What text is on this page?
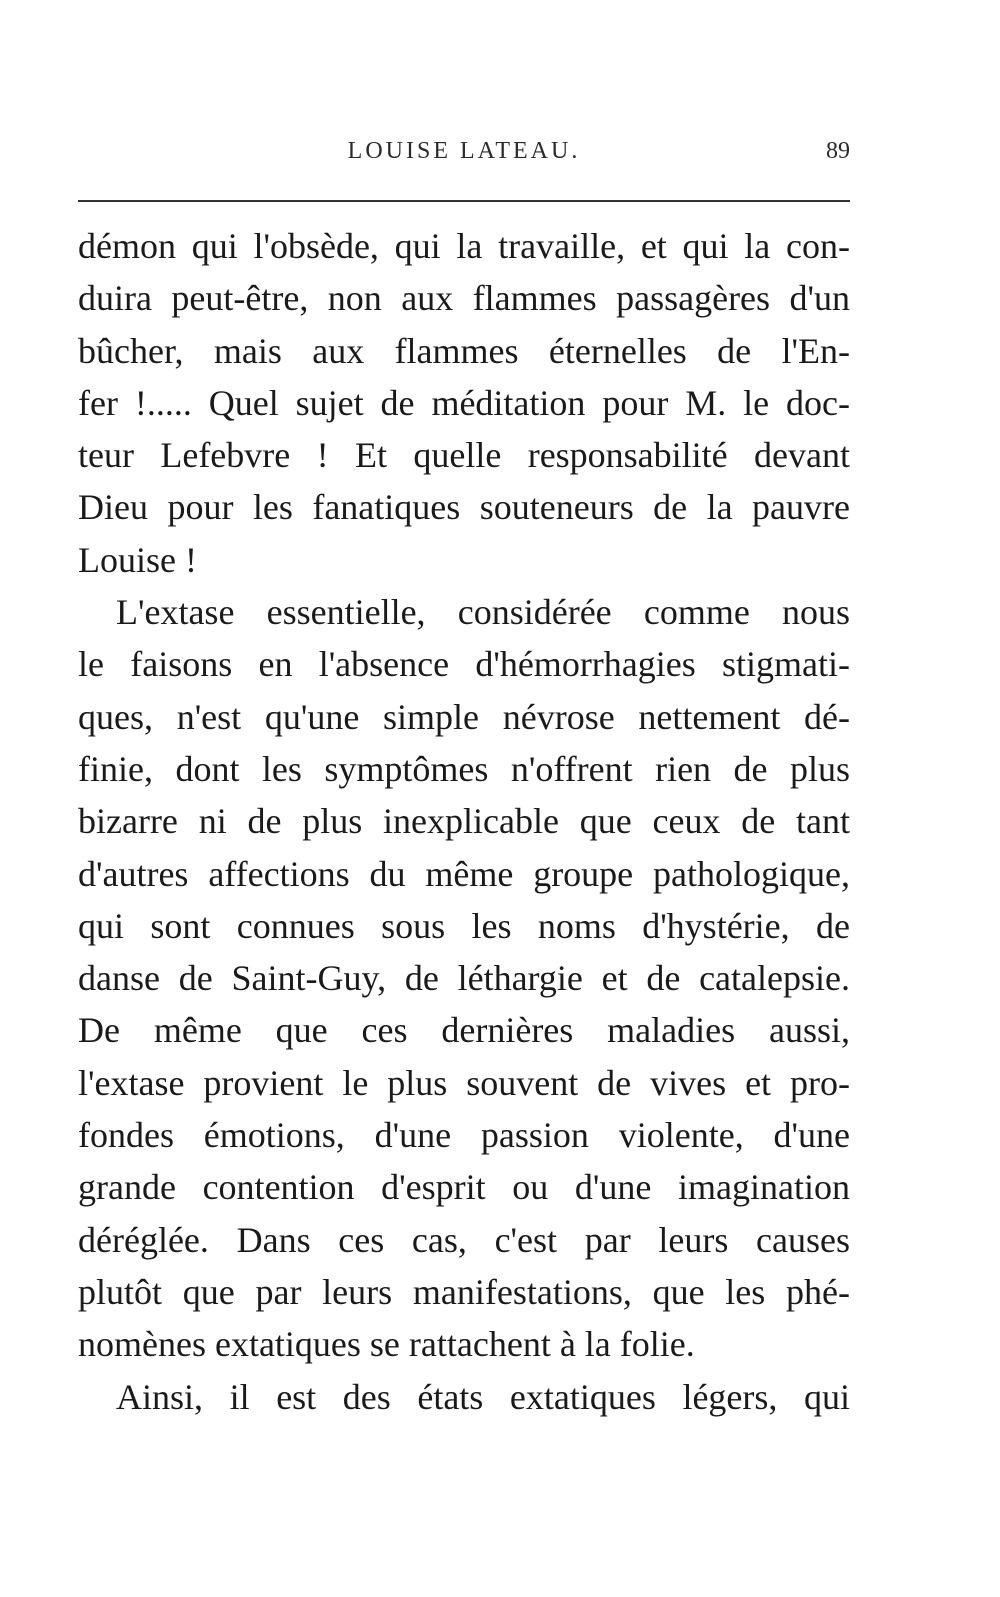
LOUISE LATEAU.	89
démon qui l'obsède, qui la travaille, et qui la con-
duira peut-être, non aux flammes passagères d'un
bûcher, mais aux flammes éternelles de l'En-
fer !..... Quel sujet de méditation pour M. le doc-
teur Lefebvre ! Et quelle responsabilité devant
Dieu pour les fanatiques souteneurs de la pauvre
Louise !
L'extase essentielle, considérée comme nous
le faisons en l'absence d'hémorrhagies stigmati-
ques, n'est qu'une simple névrose nettement dé-
finie, dont les symptômes n'offrent rien de plus
bizarre ni de plus inexplicable que ceux de tant
d'autres affections du même groupe pathologique,
qui sont connues sous les noms d'hystérie, de
danse de Saint-Guy, de léthargie et de catalepsie.
De même que ces dernières maladies aussi,
l'extase provient le plus souvent de vives et pro-
fondes émotions, d'une passion violente, d'une
grande contention d'esprit ou d'une imagination
déréglée. Dans ces cas, c'est par leurs causes
plutôt que par leurs manifestations, que les phé-
nomènes extatiques se rattachent à la folie.
Ainsi, il est des états extatiques légers, qui
